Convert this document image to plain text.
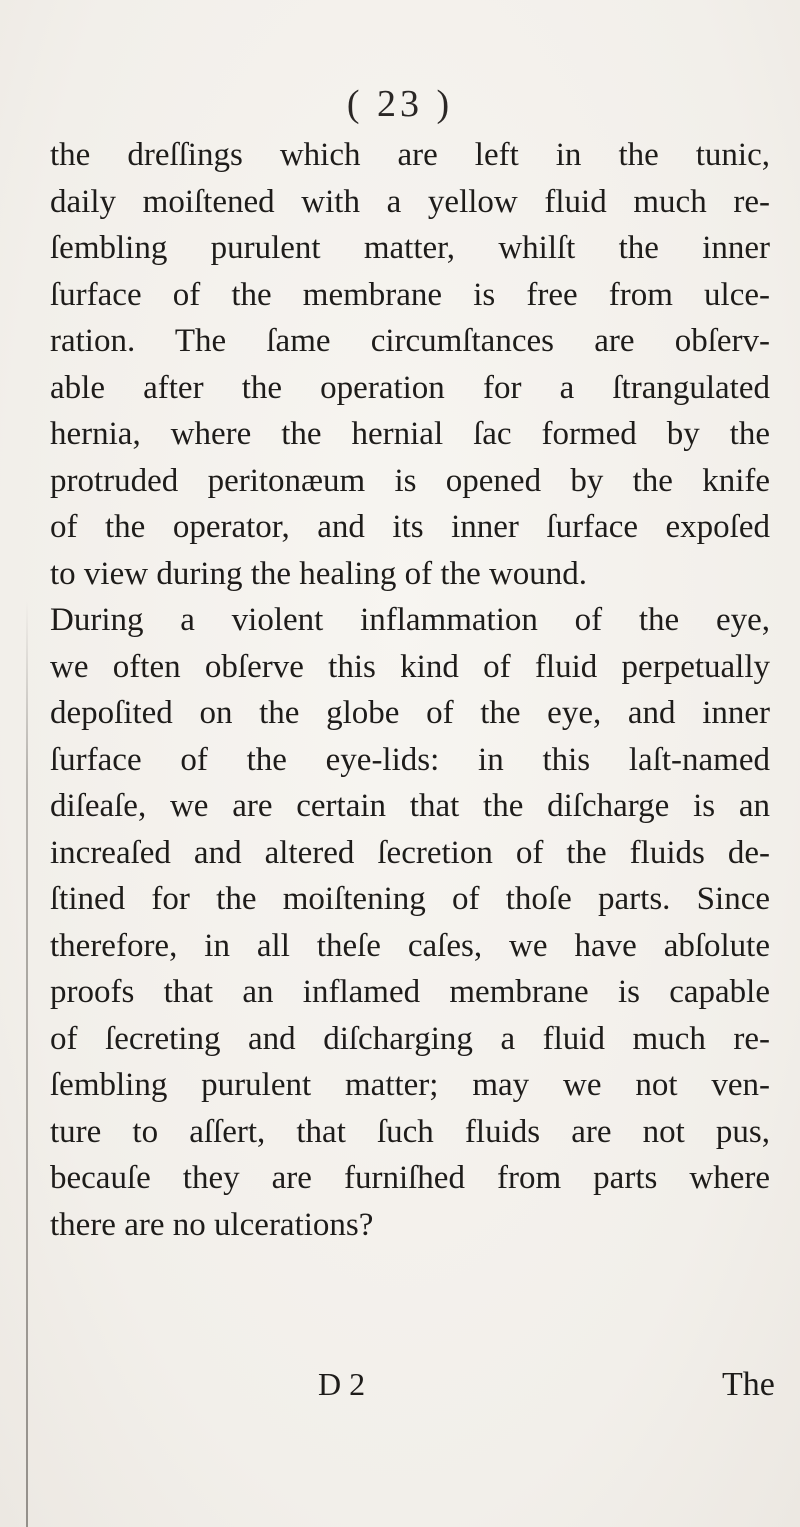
( 23 )
the dreſſings which are left in the tunic,
daily moiſtened with a yellow fluid much re-
ſembling purulent matter, whilſt the inner
ſurface of the membrane is free from ulce-
ration. The ſame circumſtances are obſerv-
able after the operation for a ſtrangulated
hernia, where the hernial ſac formed by the
protruded peritonæum is opened by the knife
of the operator, and its inner ſurface expoſed
to view during the healing of the wound.
During a violent inflammation of the eye,
we often obſerve this kind of fluid perpetually
depoſited on the globe of the eye, and inner
ſurface of the eye-lids: in this laſt-named
diſeaſe, we are certain that the diſcharge is an
increaſed and altered ſecretion of the fluids de-
ſtined for the moiſtening of thoſe parts. Since
therefore, in all theſe caſes, we have abſolute
proofs that an inflamed membrane is capable
of ſecreting and diſcharging a fluid much re-
ſembling purulent matter; may we not ven-
ture to aſſert, that ſuch fluids are not pus,
becauſe they are furniſhed from parts where
there are no ulcerations?
D 2	The
